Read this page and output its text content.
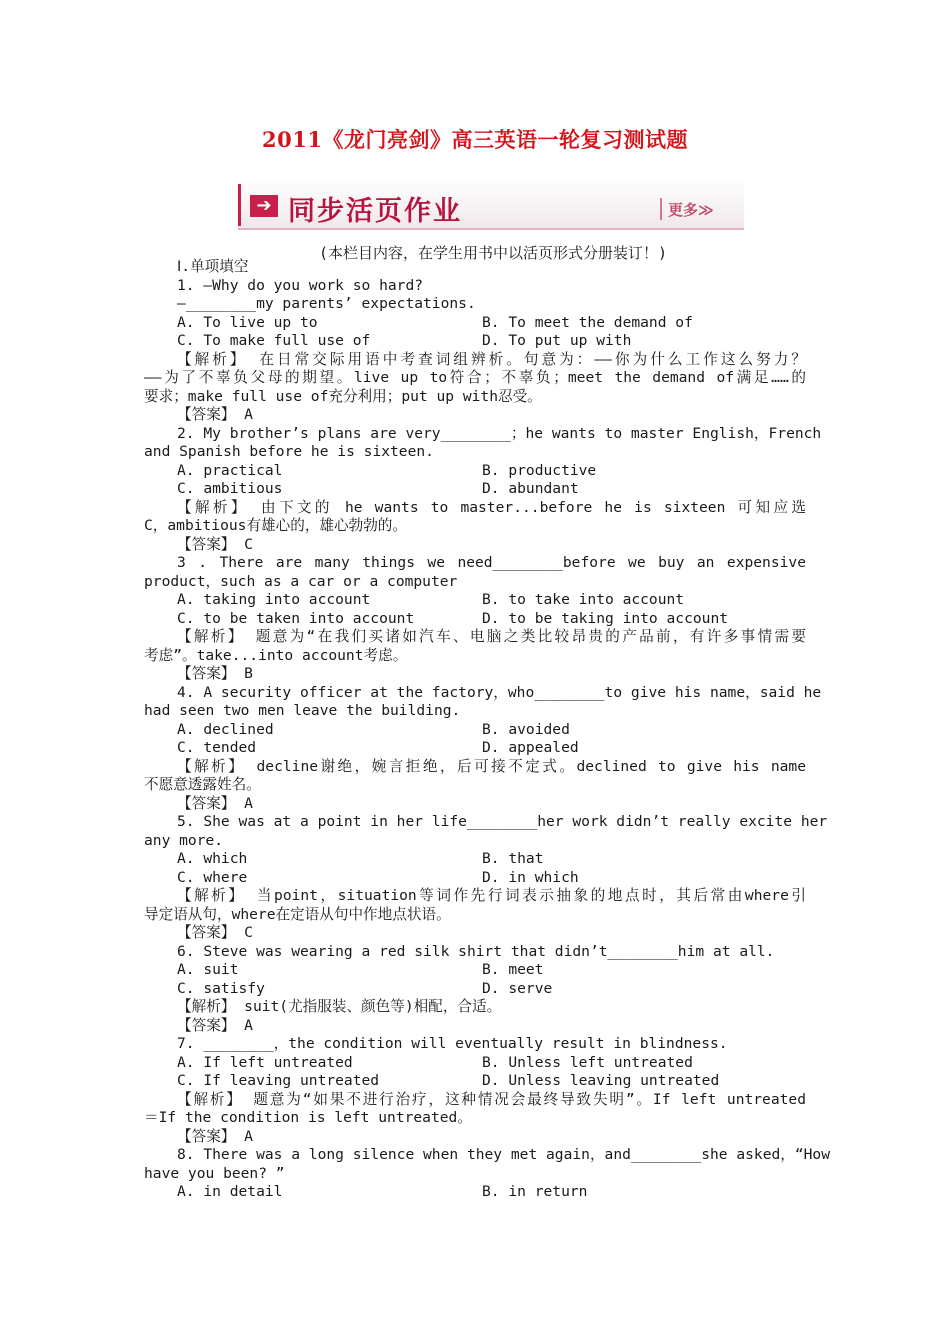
2011《龙门亮剑》高三英语一轮复习测试题
➔ 同步活页作业	更多≫
(本栏目内容，在学生用书中以活页形式分册装订！)
Ⅰ.单项填空
1. —Why do you work so hard?
—________my parents’ expectations.
A. To live up to	B. To meet the demand of
C. To make full use of	D. To put up with
【解析】 在日常交际用语中考查词组辨析。句意为：——你为什么工作这么努力？
——为了不辜负父母的期望。live up to符合；不辜负；meet the demand of满足……的
要求；make full use of充分利用；put up with忍受。
【答案】 A
2. My brother’s plans are very________；he wants to master English，French
and Spanish before he is sixteen.
A. practical	B. productive
C. ambitious	D. abundant
【解析】 由下文的 he wants to master...before he is sixteen 可知应选
C，ambitious有雄心的，雄心勃勃的。
【答案】 C
3 . There are many things we need________before we buy an expensive
product，such as a car or a computer
A. taking into account	B. to take into account
C. to be taken into account	D. to be taking into account
【解析】 题意为“在我们买诸如汽车、电脑之类比较昂贵的产品前，有许多事情需要
考虑”。take...into account考虑。
【答案】 B
4. A security officer at the factory，who________to give his name，said he
had seen two men leave the building.
A. declined	B. avoided
C. tended	D. appealed
【解析】 decline谢绝，婉言拒绝，后可接不定式。declined to give his name
不愿意透露姓名。
【答案】 A
5. She was at a point in her life________her work didn’t really excite her
any more.
A. which	B. that
C. where	D. in which
【解析】 当point，situation等词作先行词表示抽象的地点时，其后常由where引
导定语从句，where在定语从句中作地点状语。
【答案】 C
6. Steve was wearing a red silk shirt that didn’t________him at all.
A. suit	B. meet
C. satisfy	D. serve
【解析】 suit(尤指服装、颜色等)相配，合适。
【答案】 A
7. ________，the condition will eventually result in blindness.
A. If left untreated	B. Unless left untreated
C. If leaving untreated	D. Unless leaving untreated
【解析】 题意为“如果不进行治疗，这种情况会最终导致失明”。If left untreated
＝If the condition is left untreated。
【答案】 A
8. There was a long silence when they met again，and________she asked，“How
have you been? ”
A. in detail	B. in return
